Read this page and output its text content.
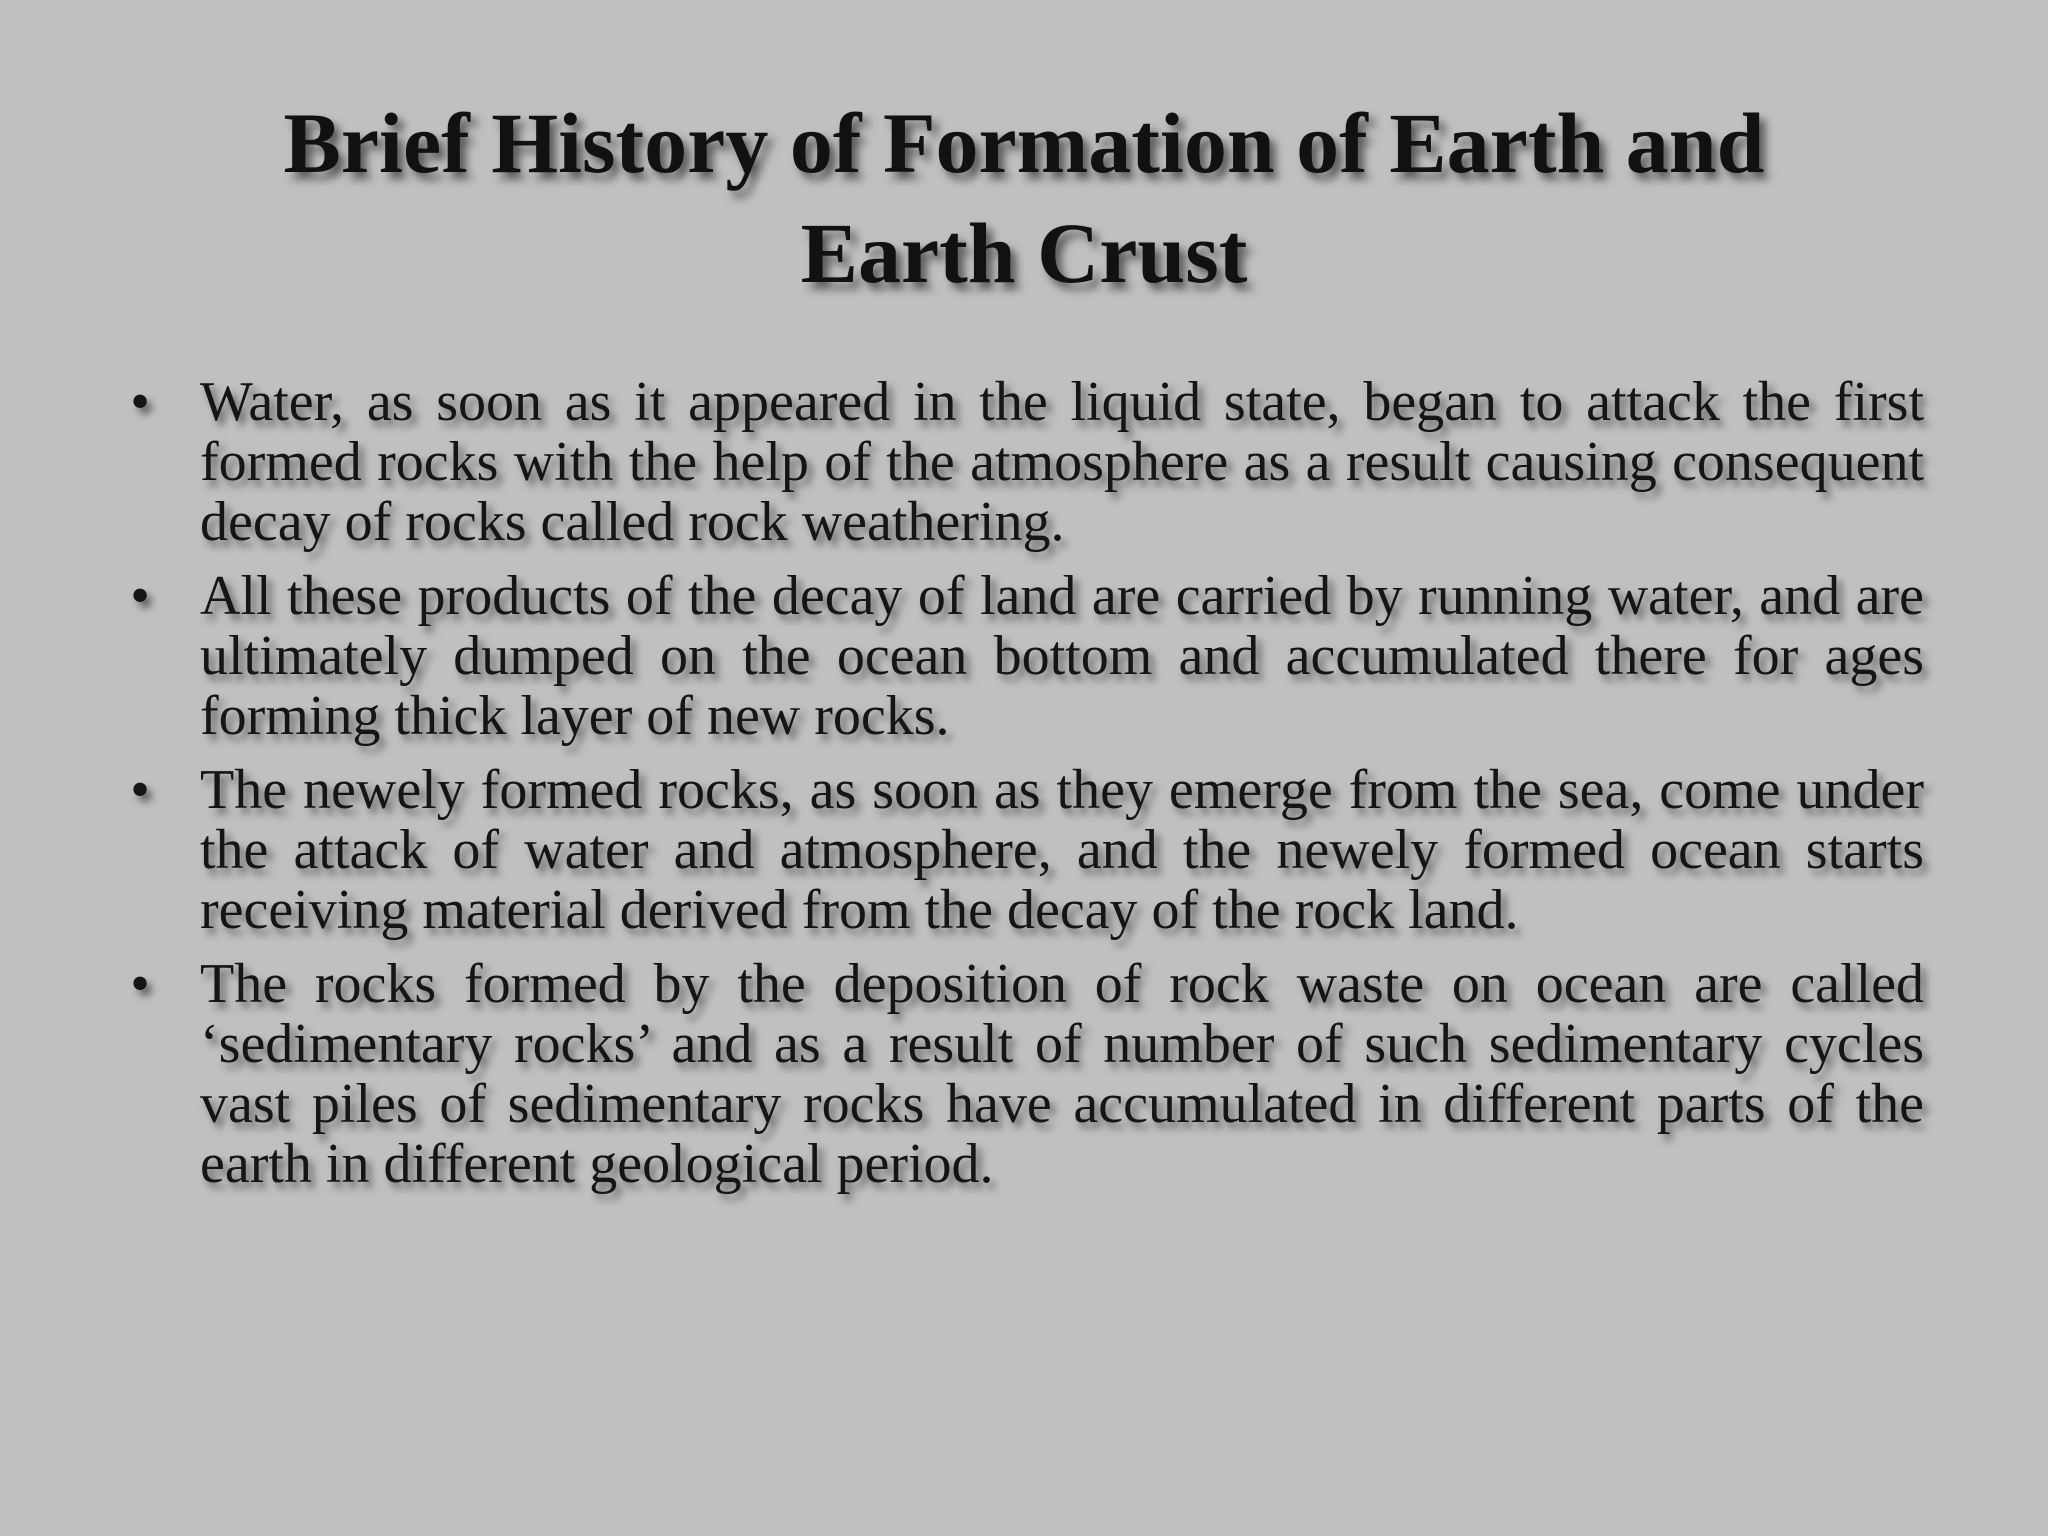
Brief History of Formation of Earth and Earth Crust
• Water, as soon as it appeared in the liquid state, began to attack the first formed rocks with the help of the atmosphere as a result causing consequent decay of rocks called rock weathering.
• All these products of the decay of land are carried by running water, and are ultimately dumped on the ocean bottom and accumulated there for ages forming thick layer of new rocks.
• The newely formed rocks, as soon as they emerge from the sea, come under the attack of water and atmosphere, and the newely formed ocean starts receiving material derived from the decay of the rock land.
• The rocks formed by the deposition of rock waste on ocean are called ‘sedimentary rocks’ and as a result of number of such sedimentary cycles vast piles of sedimentary rocks have accumulated in different parts of the earth in different geological period.
